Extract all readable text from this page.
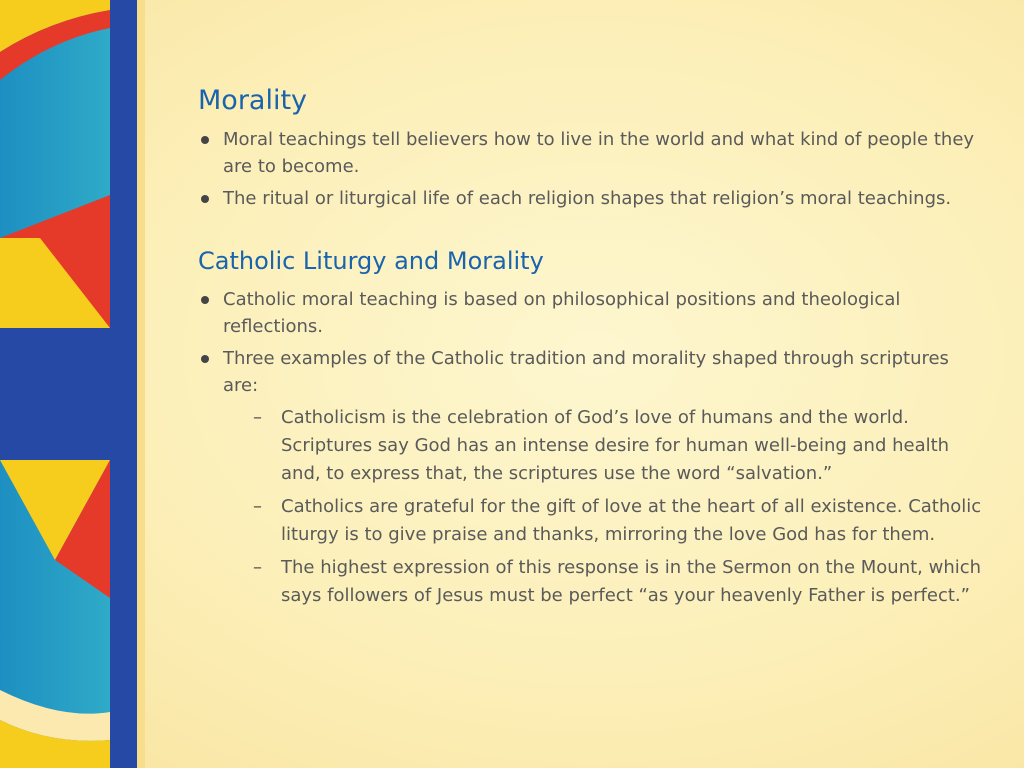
Morality
Moral teachings tell believers how to live in the world and what kind of people they are to become.
The ritual or liturgical life of each religion shapes that religion’s moral teachings.
Catholic Liturgy and Morality
Catholic moral teaching is based on philosophical positions and theological reflections.
Three examples of the Catholic tradition and morality shaped through scriptures are:
– Catholicism is the celebration of God’s love of humans and the world. Scriptures say God has an intense desire for human well-being and health and, to express that, the scriptures use the word “salvation.”
– Catholics are grateful for the gift of love at the heart of all existence. Catholic liturgy is to give praise and thanks, mirroring the love God has for them.
– The highest expression of this response is in the Sermon on the Mount, which says followers of Jesus must be perfect “as your heavenly Father is perfect.”
